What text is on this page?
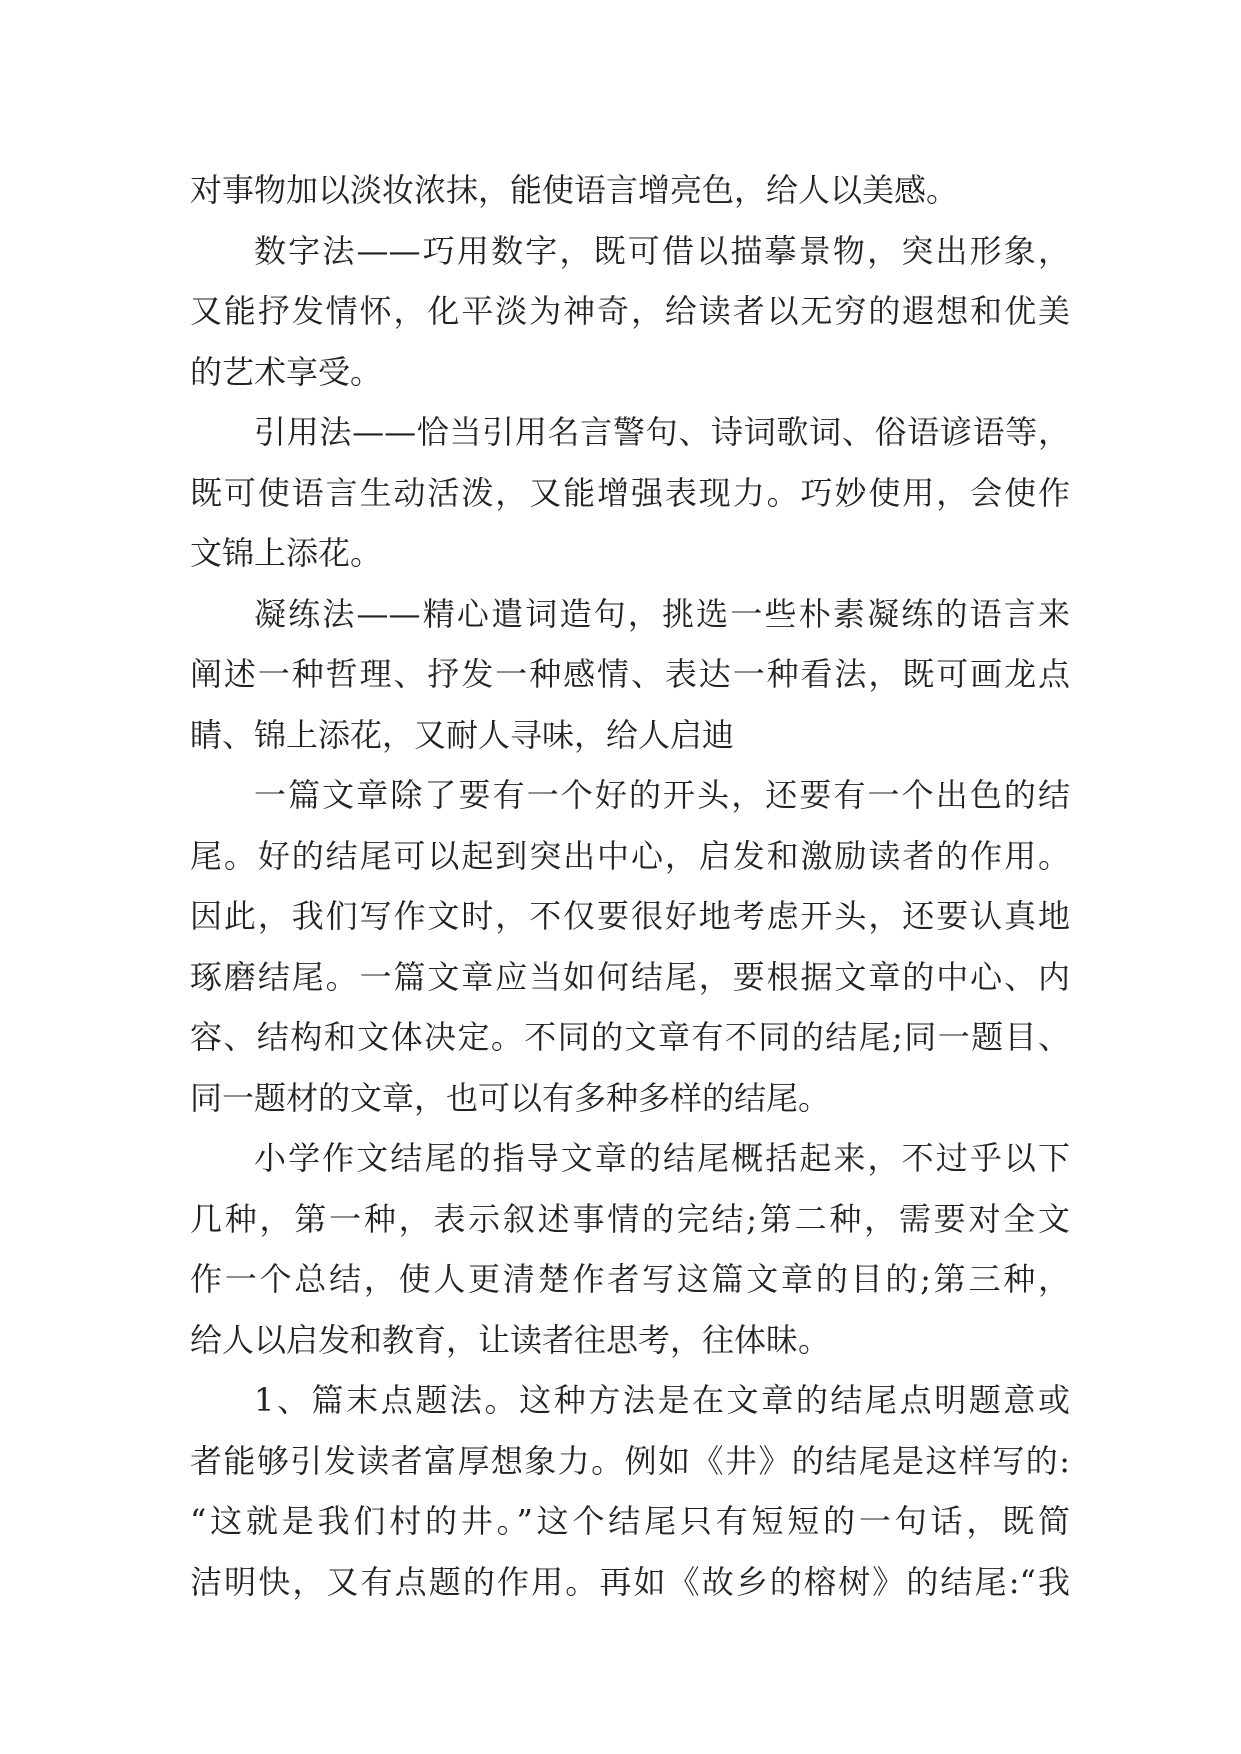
对事物加以淡妆浓抹，能使语言增亮色，给人以美感。
数字法——巧用数字，既可借以描摹景物，突出形象，
又能抒发情怀，化平淡为神奇，给读者以无穷的遐想和优美
的艺术享受。
引用法——恰当引用名言警句、诗词歌词、俗语谚语等，
既可使语言生动活泼，又能增强表现力。巧妙使用，会使作
文锦上添花。
凝练法——精心遣词造句，挑选一些朴素凝练的语言来
阐述一种哲理、抒发一种感情、表达一种看法，既可画龙点
睛、锦上添花，又耐人寻味，给人启迪
一篇文章除了要有一个好的开头，还要有一个出色的结
尾。好的结尾可以起到突出中心，启发和激励读者的作用。
因此，我们写作文时，不仅要很好地考虑开头，还要认真地
琢磨结尾。一篇文章应当如何结尾，要根据文章的中心、内
容、结构和文体决定。不同的文章有不同的结尾;同一题目、
同一题材的文章，也可以有多种多样的结尾。
小学作文结尾的指导文章的结尾概括起来，不过乎以下
几种，第一种，表示叙述事情的完结;第二种，需要对全文
作一个总结，使人更清楚作者写这篇文章的目的;第三种，
给人以启发和教育，让读者往思考，往体昧。
1、篇末点题法。这种方法是在文章的结尾点明题意或
者能够引发读者富厚想象力。例如《井》的结尾是这样写的:
“这就是我们村的井。”这个结尾只有短短的一句话，既简
洁明快，又有点题的作用。再如《故乡的榕树》的结尾:“我
